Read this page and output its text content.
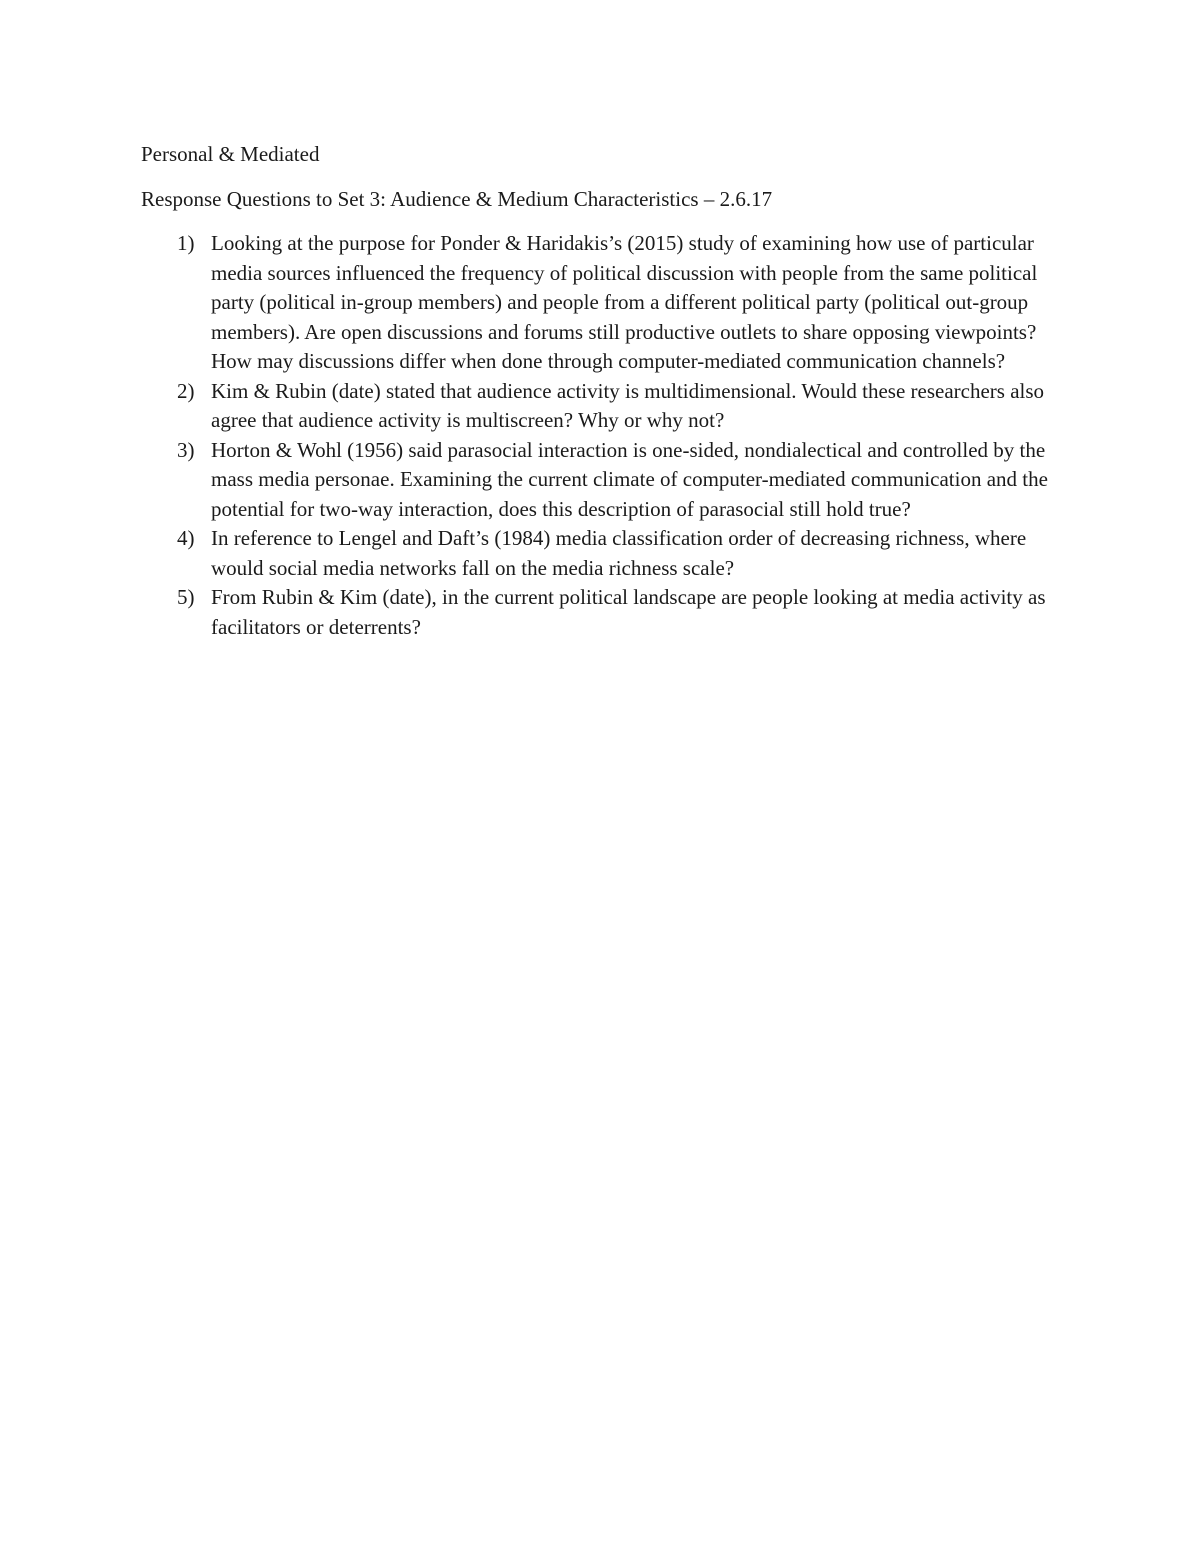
Personal & Mediated

Response Questions to Set 3: Audience & Medium Characteristics – 2.6.17

1) Looking at the purpose for Ponder & Haridakis’s (2015) study of examining how use of particular media sources influenced the frequency of political discussion with people from the same political party (political in-group members) and people from a different political party (political out-group members). Are open discussions and forums still productive outlets to share opposing viewpoints? How may discussions differ when done through computer-mediated communication channels?
2) Kim & Rubin (date) stated that audience activity is multidimensional. Would these researchers also agree that audience activity is multiscreen? Why or why not?
3) Horton & Wohl (1956) said parasocial interaction is one-sided, nondialectical and controlled by the mass media personae. Examining the current climate of computer-mediated communication and the potential for two-way interaction, does this description of parasocial still hold true?
4) In reference to Lengel and Daft’s (1984) media classification order of decreasing richness, where would social media networks fall on the media richness scale?
5) From Rubin & Kim (date), in the current political landscape are people looking at media activity as facilitators or deterrents?
